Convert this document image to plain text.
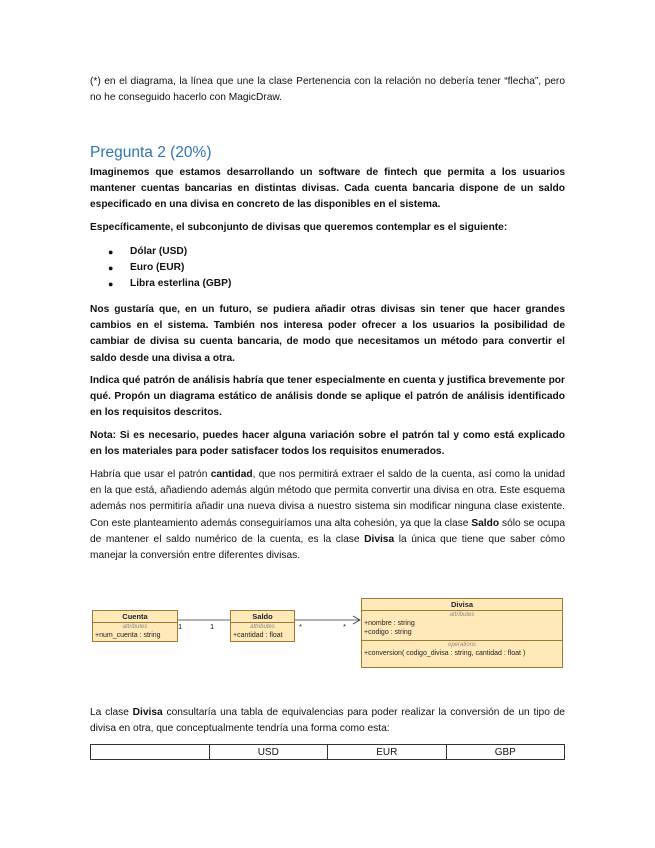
(*) en el diagrama, la línea que une la clase Pertenencia con la relación no debería tener “flecha”, pero no he conseguido hacerlo con MagicDraw.

Pregunta 2 (20%)

Imaginemos que estamos desarrollando un software de fintech que permita a los usuarios mantener cuentas bancarias en distintas divisas. Cada cuenta bancaria dispone de un saldo especificado en una divisa en concreto de las disponibles en el sistema.

Específicamente, el subconjunto de divisas que queremos contemplar es el siguiente:

● Dólar (USD)
● Euro (EUR)
● Libra esterlina (GBP)

Nos gustaría que, en un futuro, se pudiera añadir otras divisas sin tener que hacer grandes cambios en el sistema. También nos interesa poder ofrecer a los usuarios la posibilidad de cambiar de divisa su cuenta bancaria, de modo que necesitamos un método para convertir el saldo desde una divisa a otra.

Indica qué patrón de análisis habría que tener especialmente en cuenta y justifica brevemente por qué. Propón un diagrama estático de análisis donde se aplique el patrón de análisis identificado en los requisitos descritos.

Nota: Si es necesario, puedes hacer alguna variación sobre el patrón tal y como está explicado en los materiales para poder satisfacer todos los requisitos enumerados.

Habría que usar el patrón cantidad, que nos permitirá extraer el saldo de la cuenta, así como la unidad en la que está, añadiendo además algún método que permita convertir una divisa en otra. Este esquema además nos permitiría añadir una nueva divisa a nuestro sistema sin modificar ninguna clase existente. Con este planteamiento además conseguiríamos una alta cohesión, ya que la clase Saldo sólo se ocupa de mantener el saldo numérico de la cuenta, es la clase Divisa la única que tiene que saber cómo manejar la conversión entre diferentes divisas.

Cuenta
attributes
+num_cuenta : string
Saldo
attributes
+cantidad : float
Divisa
attributes
+nombre : string
+codigo : string
operations
+conversion( codigo_divisa : string, cantidad : float )
1	1	*	*

La clase Divisa consultaría una tabla de equivalencias para poder realizar la conversión de un tipo de divisa en otra, que conceptualmente tendría una forma como esta:

	USD	EUR	GBP
